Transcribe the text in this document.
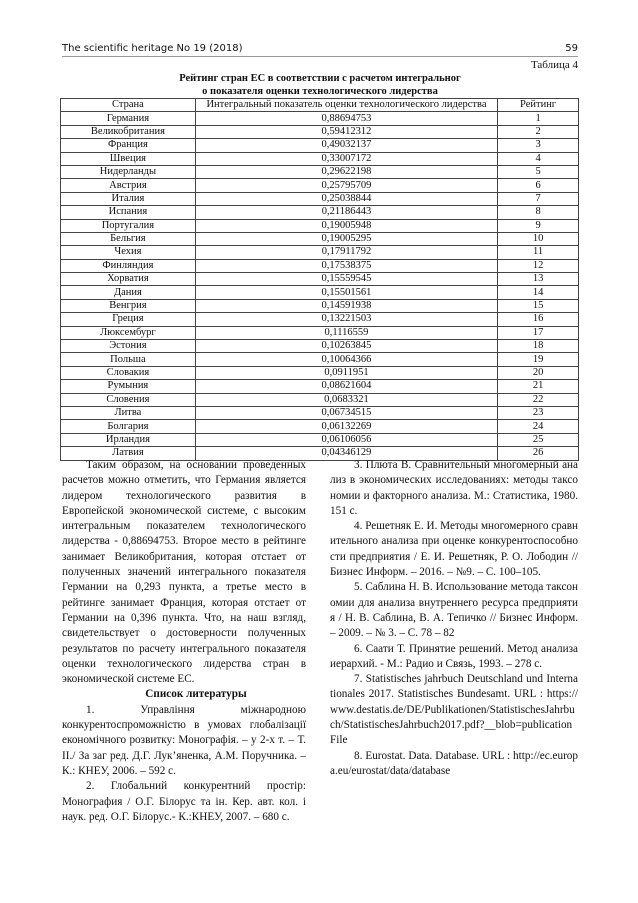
The scientific heritage No 19 (2018)	59
Таблица 4
Рейтинг стран ЕС в соответствии с расчетом интегральног
о показателя оценки технологического лидерства
Страна	Интегральный показатель оценки технологического лидерства	Рейтинг
Германия	0,88694753	1
Великобритания	0,59412312	2
Франция	0,49032137	3
Швеция	0,33007172	4
Нидерланды	0,29622198	5
Австрия	0,25795709	6
Италия	0,25038844	7
Испания	0,21186443	8
Португалия	0,19005948	9
Бельгия	0,19005295	10
Чехия	0,17911792	11
Финляндия	0,17538375	12
Хорватия	0,15559545	13
Дания	0,15501561	14
Венгрия	0,14591938	15
Греция	0,13221503	16
Люксембург	0,1116559	17
Эстония	0,10263845	18
Польша	0,10064366	19
Словакия	0,0911951	20
Румыния	0,08621604	21
Словения	0,0683321	22
Литва	0,06734515	23
Болгария	0,06132269	24
Ирландия	0,06106056	25
Латвия	0,04346129	26

Таким образом, на основании проведенных расчетов можно отметить, что Германия является лидером технологического развития в Европейской экономической системе, с высоким интегральным показателем технологического лидерства - 0,88694753. Второе место в рейтинге занимает Великобритания, которая отстает от полученных значений интегрального показателя Германии на 0,293 пункта, а третье место в рейтинге занимает Франция, которая отстает от Германии на 0,396 пункта. Что, на наш взгляд, свидетельствует о достоверности полученных результатов по расчету интегрального показателя оценки технологического лидерства стран в экономической системе ЕС.

Список литературы

1. Управління міжнародною конкурентоспроможністю в умовах глобалізації економічного розвитку: Монографія. – у 2-х т. – Т. II./ За заг ред. Д.Г. Лук’яненка, А.М. Поручника. – К.: КНЕУ, 2006. – 592 с.

2. Глобальний конкурентний простір: Монография / О.Г. Білорус та ін. Кер. авт. кол. і наук. ред. О.Г. Білорус.- К.:КНЕУ, 2007. – 680 с.

3. Плюта В. Сравнительный многомерный анализ в экономических исследованиях: методы таксономии и факторного анализа. М.: Статистика, 1980. 151 с.

4. Решетняк Е. И. Методы многомерного сравнительного анализа при оценке конкурентоспособности предприятия / Е. И. Решетняк, Р. О. Лободин // Бизнес Информ. – 2016. – №9. – С. 100–105.

5. Саблина Н. В. Использование метода таксономии для анализа внутреннего ресурса предприятия / Н. В. Саблина, В. А. Тепичко // Бизнес Информ. – 2009. – № 3. – С. 78 – 82

6. Саати Т. Принятие решений. Метод анализа иерархий. - М.: Радио и Связь, 1993. – 278 с.

7. Statistisches jahrbuch Deutschland und Internationales 2017. Statistisches Bundesamt. URL : https://www.destatis.de/DE/Publikationen/StatistischesJahrbuch/StatistischesJahrbuch2017.pdf?__blob=publicationFile

8. Eurostat. Data. Database. URL : http://ec.europa.eu/eurostat/data/database
